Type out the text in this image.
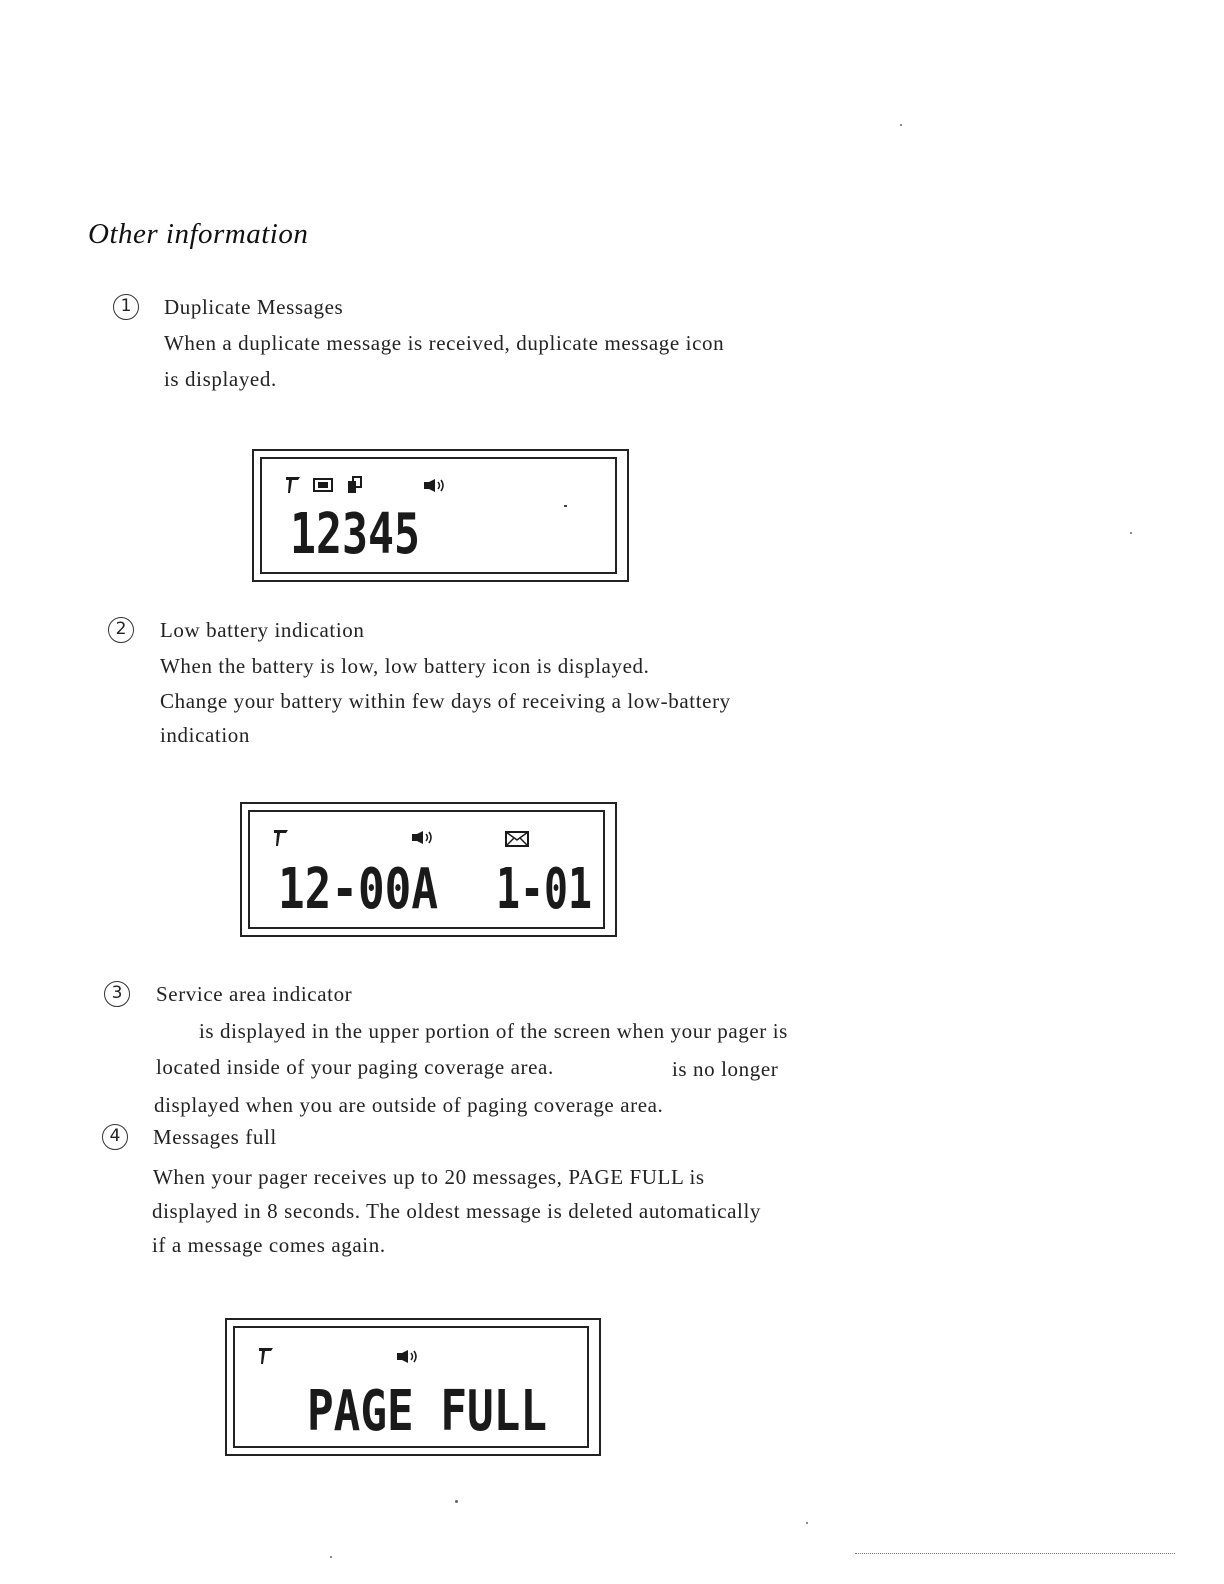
Other information
1	Duplicate Messages
When a duplicate message is received, duplicate message icon
is displayed.
12345
2	Low battery indication
When the battery is low, low battery icon is displayed.
Change your battery within few days of receiving a low-battery
indication
12-00A 1-01
3	Service area indicator
is displayed in the upper portion of the screen when your pager is
located inside of your paging coverage area.	is no longer
displayed when you are outside of paging coverage area.
4	Messages full
When your pager receives up to 20 messages, PAGE FULL is
displayed in 8 seconds. The oldest message is deleted automatically
if a message comes again.
PAGE FULL
